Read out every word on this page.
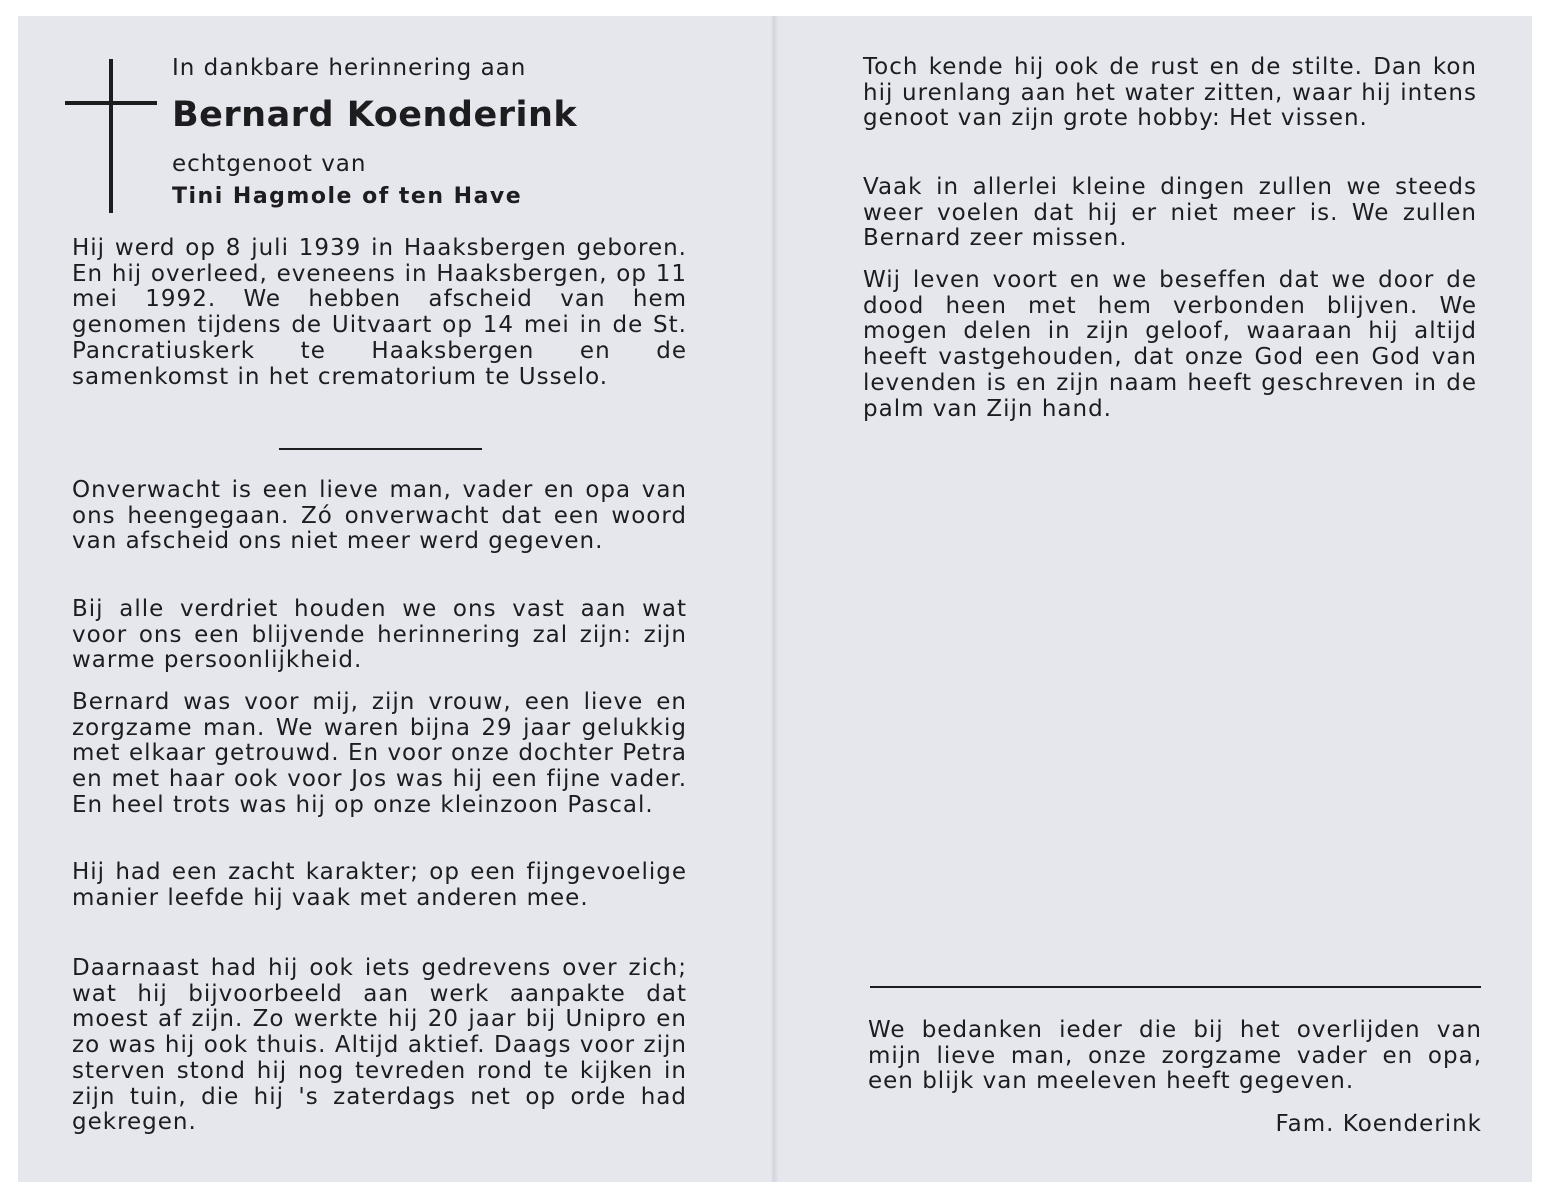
In dankbare herinnering aan
Bernard Koenderink
echtgenoot van
Tini Hagmole of ten Have
Hij werd op 8 juli 1939 in Haaksbergen geboren. En hij overleed, eveneens in Haaksbergen, op 11 mei 1992. We hebben afscheid van hem genomen tijdens de Uitvaart op 14 mei in de St. Pancratiuskerk te Haaksbergen en de samenkomst in het crematorium te Usselo.
Onverwacht is een lieve man, vader en opa van ons heengegaan. Zó onverwacht dat een woord van afscheid ons niet meer werd gegeven.
Bij alle verdriet houden we ons vast aan wat voor ons een blijvende herinnering zal zijn: zijn warme persoonlijkheid.
Bernard was voor mij, zijn vrouw, een lieve en zorgzame man. We waren bijna 29 jaar gelukkig met elkaar getrouwd. En voor onze dochter Petra en met haar ook voor Jos was hij een fijne vader. En heel trots was hij op onze kleinzoon Pascal.
Hij had een zacht karakter; op een fijngevoelige manier leefde hij vaak met anderen mee.
Daarnaast had hij ook iets gedrevens over zich; wat hij bijvoorbeeld aan werk aanpakte dat moest af zijn. Zo werkte hij 20 jaar bij Unipro en zo was hij ook thuis. Altijd aktief. Daags voor zijn sterven stond hij nog tevreden rond te kijken in zijn tuin, die hij 's zaterdags net op orde had gekregen.
Toch kende hij ook de rust en de stilte. Dan kon hij urenlang aan het water zitten, waar hij intens genoot van zijn grote hobby: Het vissen.
Vaak in allerlei kleine dingen zullen we steeds weer voelen dat hij er niet meer is. We zullen Bernard zeer missen.
Wij leven voort en we beseffen dat we door de dood heen met hem verbonden blijven. We mogen delen in zijn geloof, waaraan hij altijd heeft vastgehouden, dat onze God een God van levenden is en zijn naam heeft geschreven in de palm van Zijn hand.
We bedanken ieder die bij het overlijden van mijn lieve man, onze zorgzame vader en opa, een blijk van meeleven heeft gegeven.
Fam. Koenderink
